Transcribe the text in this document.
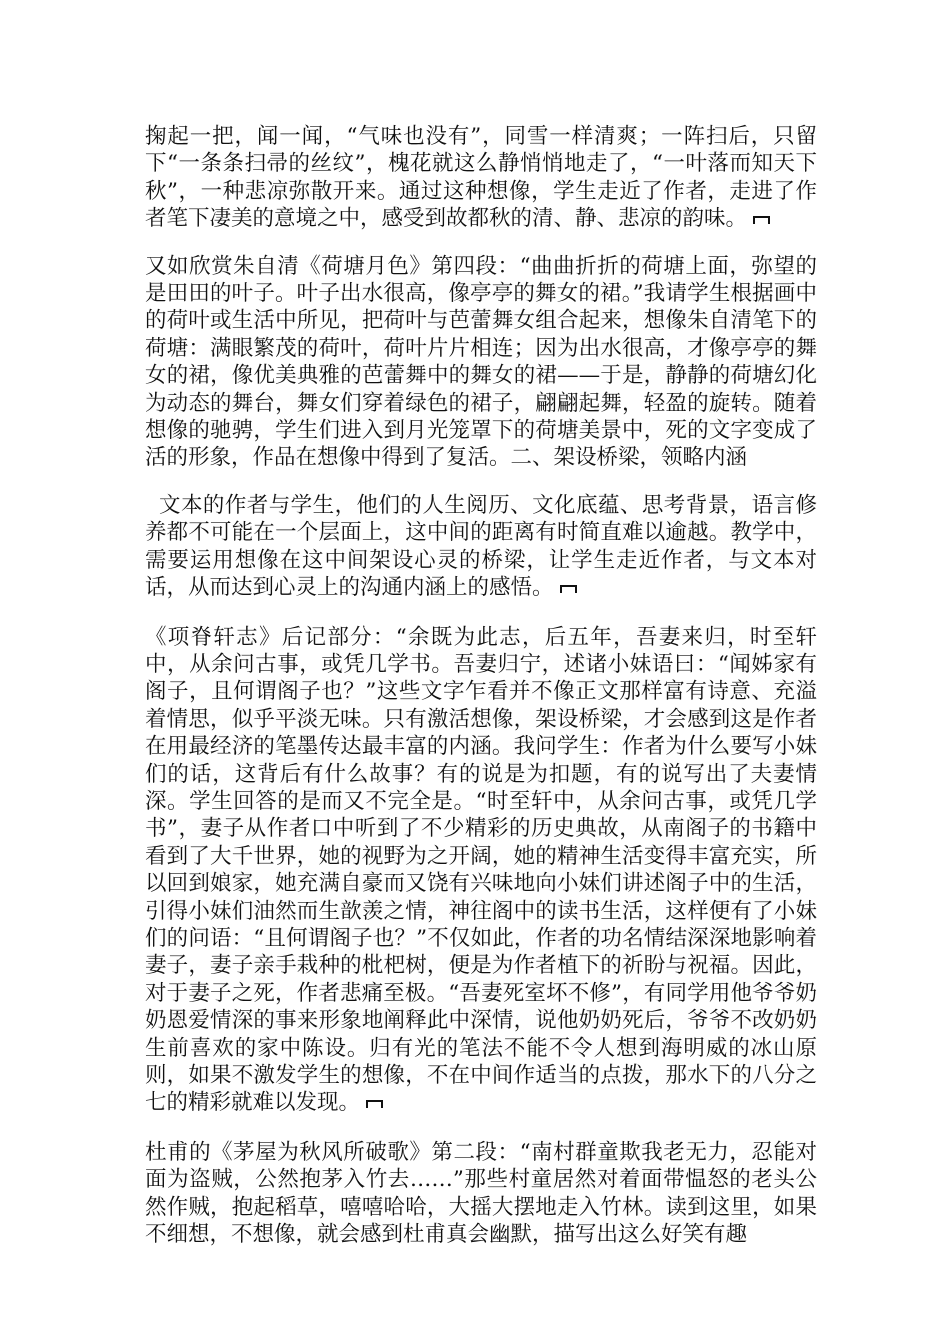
掬起一把，闻一闻，“气味也没有”，同雪一样清爽；一阵扫后，只留下“一条条扫帚的丝纹”，槐花就这么静悄悄地走了，“一叶落而知天下秋”，一种悲凉弥散开来。通过这种想像，学生走近了作者，走进了作者笔下凄美的意境之中，感受到故都秋的清、静、悲凉的韵味。

又如欣赏朱自清《荷塘月色》第四段：“曲曲折折的荷塘上面，弥望的是田田的叶子。叶子出水很高，像亭亭的舞女的裙。”我请学生根据画中的荷叶或生活中所见，把荷叶与芭蕾舞女组合起来，想像朱自清笔下的荷塘：满眼繁茂的荷叶，荷叶片片相连；因为出水很高，才像亭亭的舞女的裙，像优美典雅的芭蕾舞中的舞女的裙——于是，静静的荷塘幻化为动态的舞台，舞女们穿着绿色的裙子，翩翩起舞，轻盈的旋转。随着想像的驰骋，学生们进入到月光笼罩下的荷塘美景中，死的文字变成了活的形象，作品在想像中得到了复活。二、架设桥梁，领略内涵

文本的作者与学生，他们的人生阅历、文化底蕴、思考背景，语言修养都不可能在一个层面上，这中间的距离有时简直难以逾越。教学中，需要运用想像在这中间架设心灵的桥梁，让学生走近作者，与文本对话，从而达到心灵上的沟通内涵上的感悟。

《项脊轩志》后记部分：“余既为此志，后五年，吾妻来归，时至轩中，从余问古事，或凭几学书。吾妻归宁，述诸小妹语曰：“闻姊家有阁子，且何谓阁子也？”这些文字乍看并不像正文那样富有诗意、充溢着情思，似乎平淡无味。只有激活想像，架设桥梁，才会感到这是作者在用最经济的笔墨传达最丰富的内涵。我问学生：作者为什么要写小妹们的话，这背后有什么故事？有的说是为扣题，有的说写出了夫妻情深。学生回答的是而又不完全是。“时至轩中，从余问古事，或凭几学书”，妻子从作者口中听到了不少精彩的历史典故，从南阁子的书籍中看到了大千世界，她的视野为之开阔，她的精神生活变得丰富充实，所以回到娘家，她充满自豪而又饶有兴味地向小妹们讲述阁子中的生活，引得小妹们油然而生歆羡之情，神往阁中的读书生活，这样便有了小妹们的问语：“且何谓阁子也？”不仅如此，作者的功名情结深深地影响着妻子，妻子亲手栽种的枇杷树，便是为作者植下的祈盼与祝福。因此，对于妻子之死，作者悲痛至极。“吾妻死室坏不修”，有同学用他爷爷奶奶恩爱情深的事来形象地阐释此中深情，说他奶奶死后，爷爷不改奶奶生前喜欢的家中陈设。归有光的笔法不能不令人想到海明威的冰山原则，如果不激发学生的想像，不在中间作适当的点拨，那水下的八分之七的精彩就难以发现。

杜甫的《茅屋为秋风所破歌》第二段：“南村群童欺我老无力，忍能对面为盗贼，公然抱茅入竹去……”那些村童居然对着面带愠怒的老头公然作贼，抱起稻草，嘻嘻哈哈，大摇大摆地走入竹林。读到这里，如果不细想，不想像，就会感到杜甫真会幽默，描写出这么好笑有趣
